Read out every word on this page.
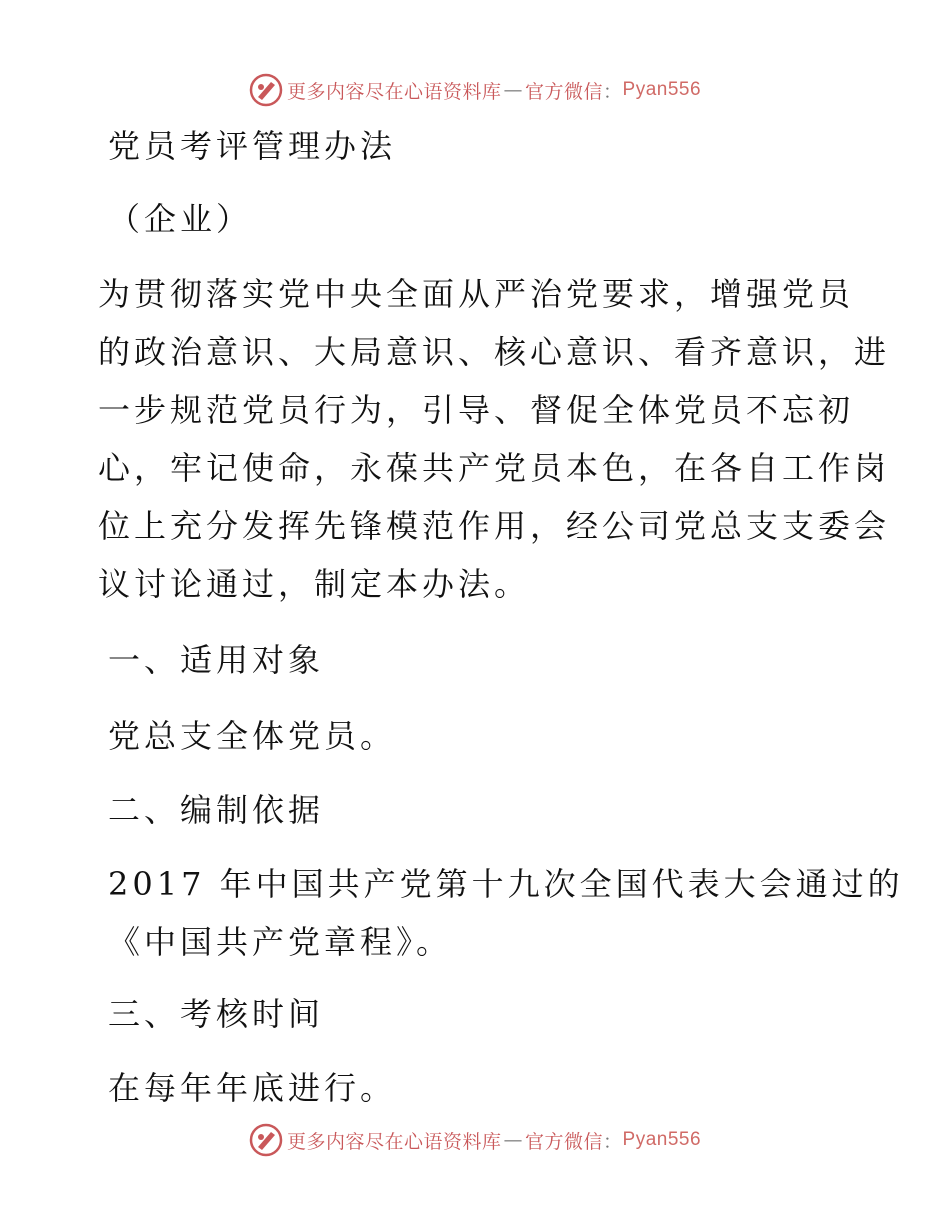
更多内容尽在心语资料库 — 官方微信 ： Pyan556
党员考评管理办法
（企业）
为贯彻落实党中央全面从严治党要求，增强党员
的政治意识、大局意识、核心意识、看齐意识，进
一步规范党员行为，引导、督促全体党员不忘初
心，牢记使命，永葆共产党员本色，在各自工作岗
位上充分发挥先锋模范作用，经公司党总支支委会
议讨论通过，制定本办法。
一、适用对象
党总支全体党员。
二、编制依据
2017 年中国共产党第十九次全国代表大会通过的
《中国共产党章程》。
三、考核时间
在每年年底进行。
更多内容尽在心语资料库 — 官方微信 ： Pyan556
